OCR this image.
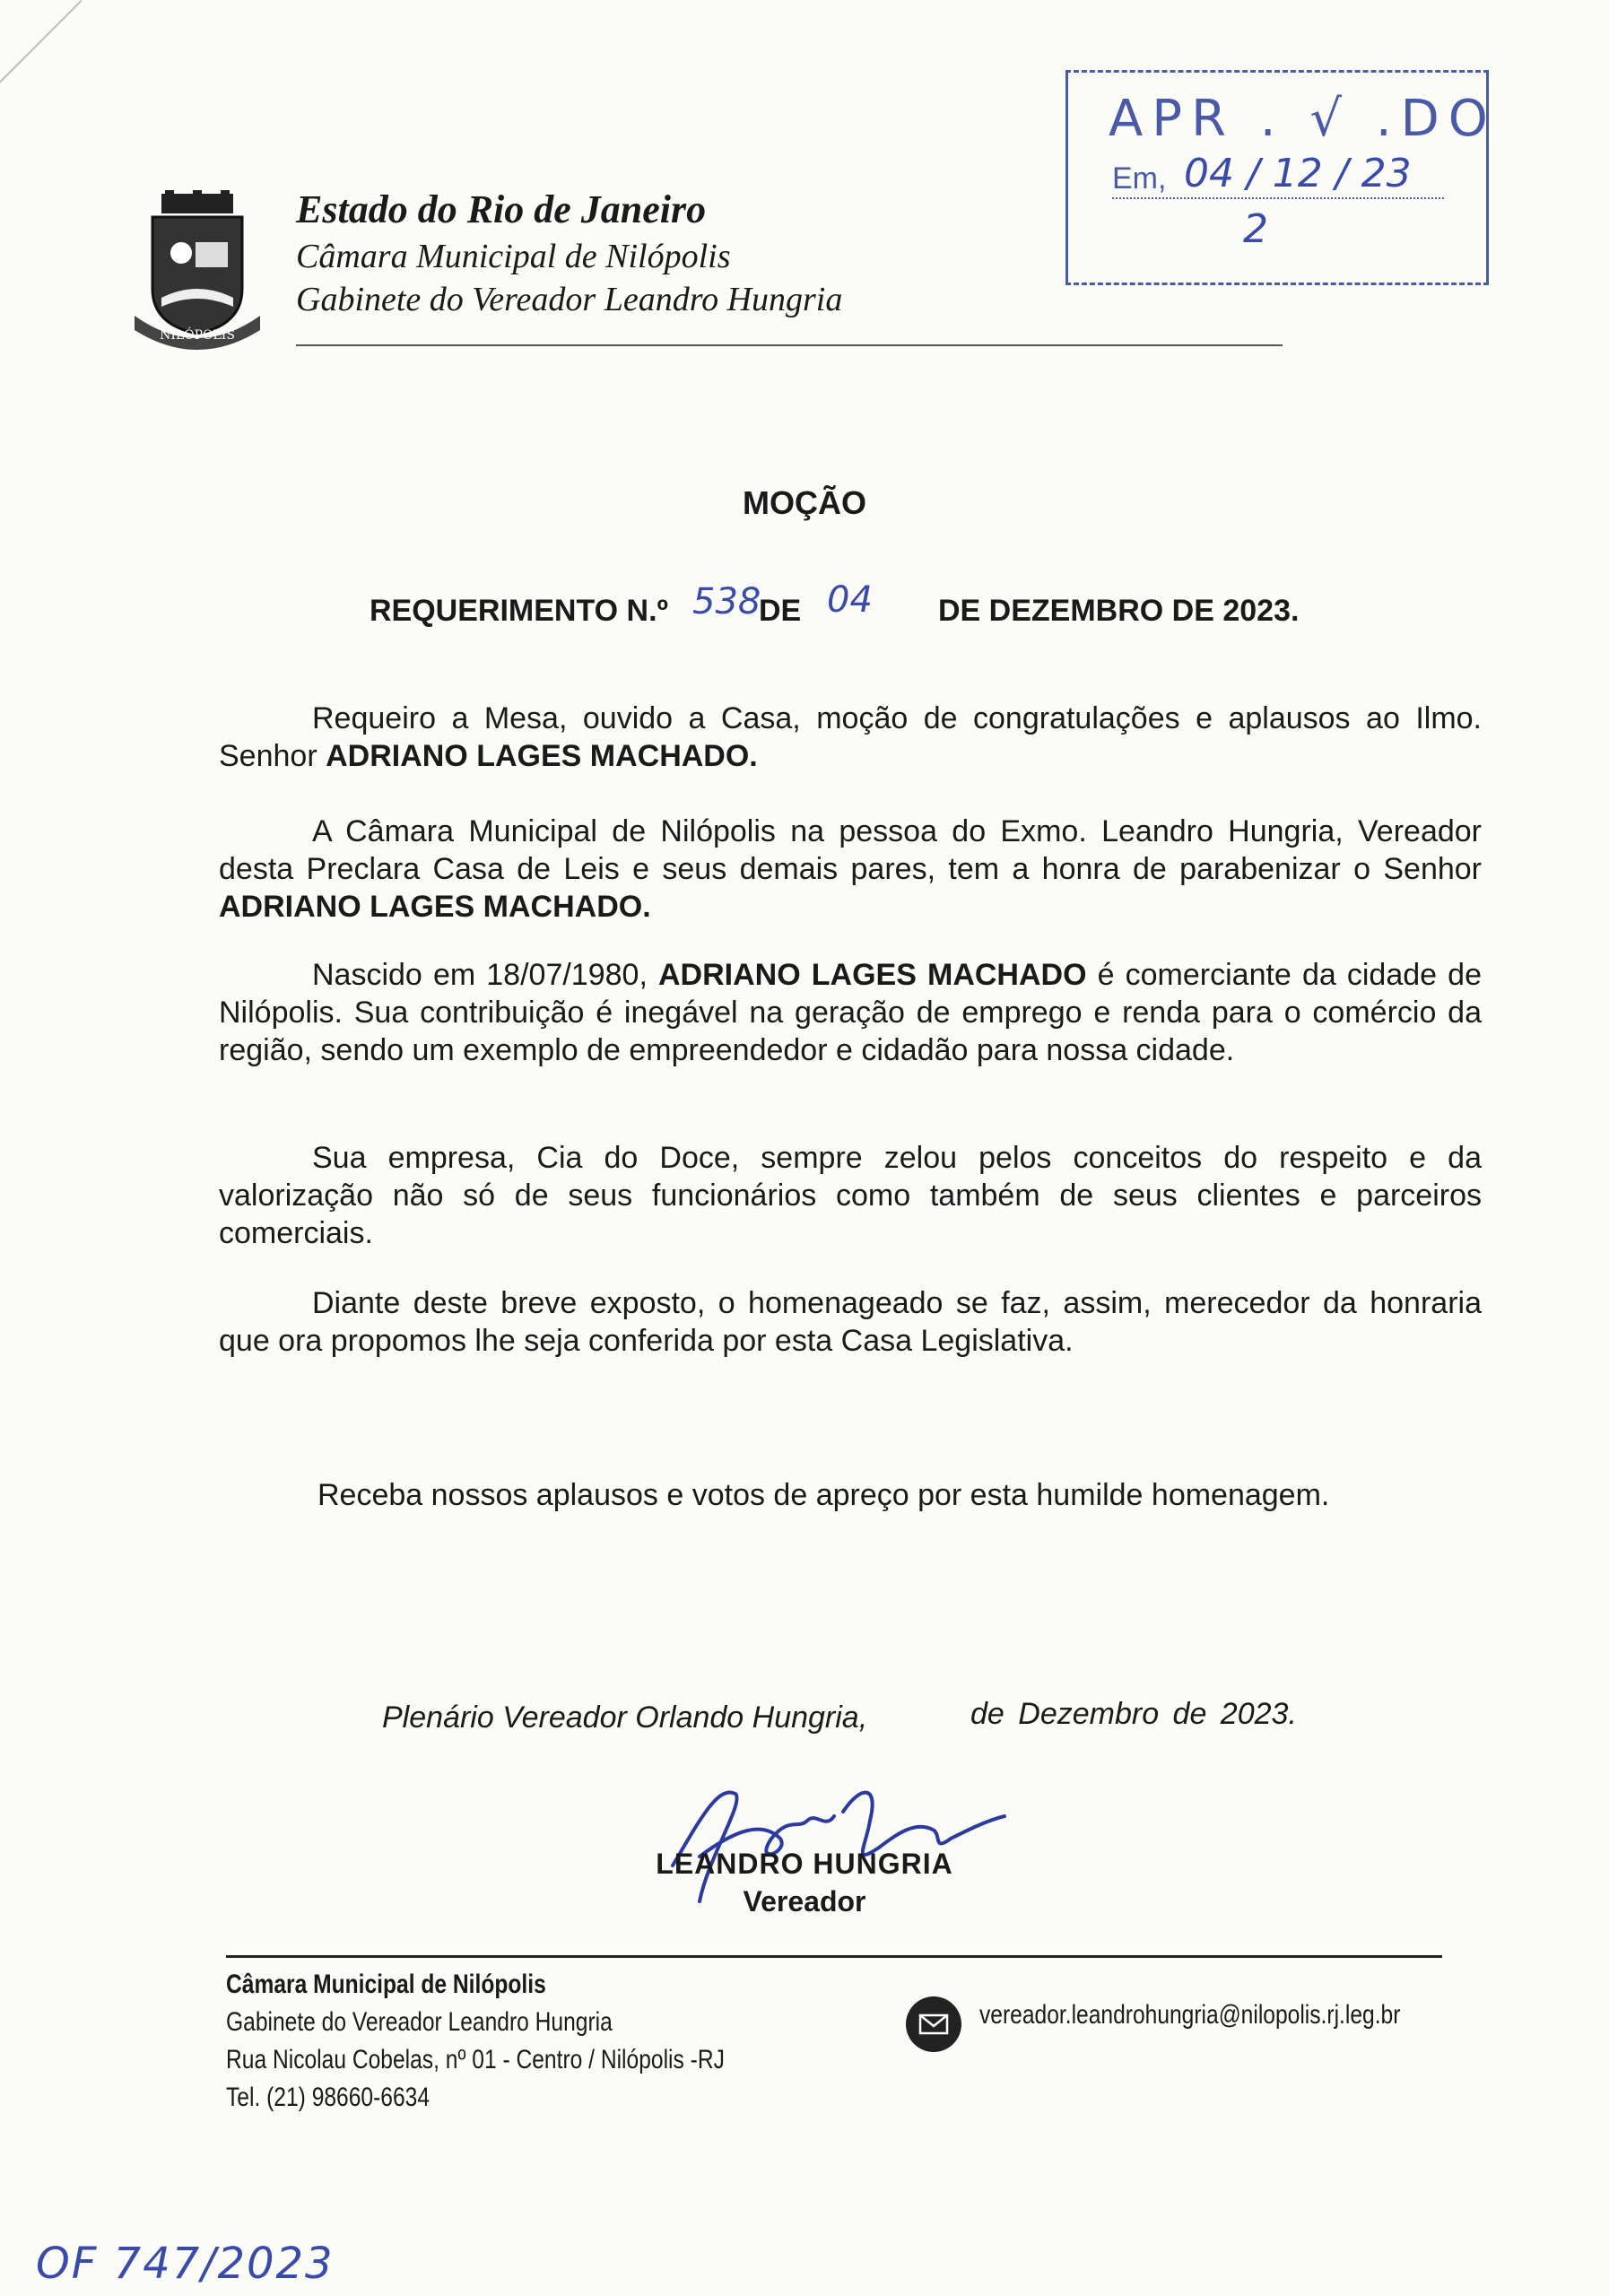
NILÓPOLIS
Estado do Rio de Janeiro
Câmara Municipal de Nilópolis
Gabinete do Vereador Leandro Hungria
APR . √ .DO
Em, 04 / 12 / 23
2
MOÇÃO
REQUERIMENTO N.º 538
DE 04 DE DEZEMBRO DE 2023.
Requeiro a Mesa, ouvido a Casa, moção de congratulações e aplausos ao Ilmo. Senhor ADRIANO LAGES MACHADO.
A Câmara Municipal de Nilópolis na pessoa do Exmo. Leandro Hungria, Vereador desta Preclara Casa de Leis e seus demais pares, tem a honra de parabenizar o Senhor ADRIANO LAGES MACHADO.
Nascido em 18/07/1980, ADRIANO LAGES MACHADO é comerciante da cidade de Nilópolis. Sua contribuição é inegável na geração de emprego e renda para o comércio da região, sendo um exemplo de empreendedor e cidadão para nossa cidade.
Sua empresa, Cia do Doce, sempre zelou pelos conceitos do respeito e da valorização não só de seus funcionários como também de seus clientes e parceiros comerciais.
Diante deste breve exposto, o homenageado se faz, assim, merecedor da honraria que ora propomos lhe seja conferida por esta Casa Legislativa.
Receba nossos aplausos e votos de apreço por esta humilde homenagem.
Plenário Vereador Orlando Hungria,	de Dezembro de 2023.
LEANDRO HUNGRIA
Vereador
Câmara Municipal de Nilópolis
Gabinete do Vereador Leandro Hungria
Rua Nicolau Cobelas, nº 01 - Centro / Nilópolis -RJ
Tel. (21) 98660-6634
vereador.leandrohungria@nilopolis.rj.leg.br
OF 747/2023
